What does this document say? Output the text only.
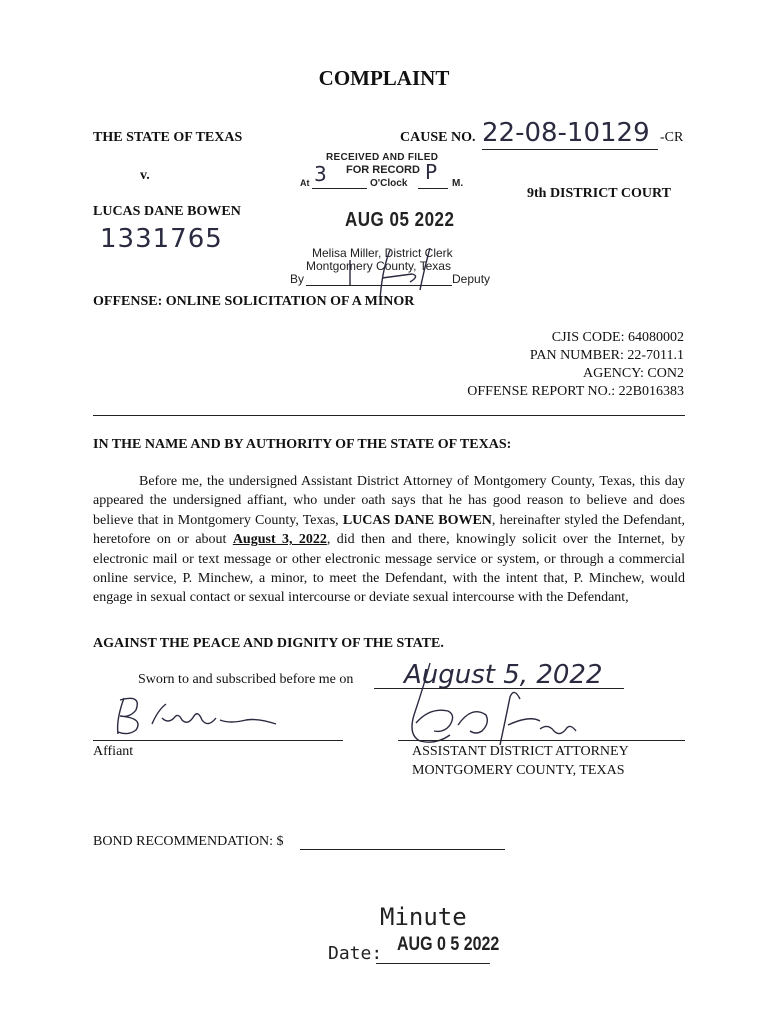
COMPLAINT
THE STATE OF TEXAS
v.
LUCAS DANE BOWEN
1331765
CAUSE NO. 22-08-10129 -CR
9th DISTRICT COURT
RECEIVED AND FILED
FOR RECORD
At 3	O'Clock P M.
AUG 05 2022
Melisa Miller, District Clerk
Montgomery County, Texas
By	Deputy
OFFENSE: ONLINE SOLICITATION OF A MINOR
CJIS CODE: 64080002
PAN NUMBER: 22-7011.1
AGENCY: CON2
OFFENSE REPORT NO.: 22B016383
IN THE NAME AND BY AUTHORITY OF THE STATE OF TEXAS:
Before me, the undersigned Assistant District Attorney of Montgomery County, Texas, this day appeared the undersigned affiant, who under oath says that he has good reason to believe and does believe that in Montgomery County, Texas, LUCAS DANE BOWEN, hereinafter styled the Defendant, heretofore on or about August 3, 2022, did then and there, knowingly solicit over the Internet, by electronic mail or text message or other electronic message service or system, or through a commercial online service, P. Minchew, a minor, to meet the Defendant, with the intent that, P. Minchew, would engage in sexual contact or sexual intercourse or deviate sexual intercourse with the Defendant,
AGAINST THE PEACE AND DIGNITY OF THE STATE.
Sworn to and subscribed before me on August 5, 2022
Affiant	ASSISTANT DISTRICT ATTORNEY
MONTGOMERY COUNTY, TEXAS
BOND RECOMMENDATION: $
Minute
Date: AUG 0 5 2022
